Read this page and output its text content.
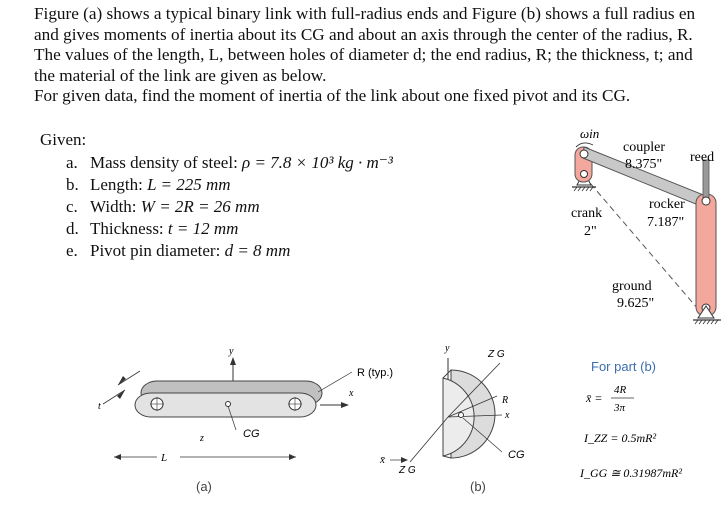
Figure (a) shows a typical binary link with full-radius ends and Figure (b) shows a full radius en
and gives moments of inertia about its CG and about an axis through the center of the radius, R.
The values of the length, L, between holes of diameter d; the end radius, R; the thickness, t; and
the material of the link are given as below.
For given data, find the moment of inertia of the link about one fixed pivot and its CG.
Given:
a. Mass density of steel: ρ = 7.8 × 10³ kg · m⁻³
b. Length: L = 225 mm
c. Width: W = 2R = 26 mm
d. Thickness: t = 12 mm
e. Pivot pin diameter: d = 8 mm
ωin
coupler
8.375" reed
crank
2"
rocker
7.187"
ground
9.625"
y
x
CG
z
R (typ.)
t
L
(a)
y
Z G
x
R
Z G
CG
x̄
(b)
For part (b)
x̄ =
4R
3π
I_ZZ = 0.5mR²
I_GG ≅ 0.31987mR²
